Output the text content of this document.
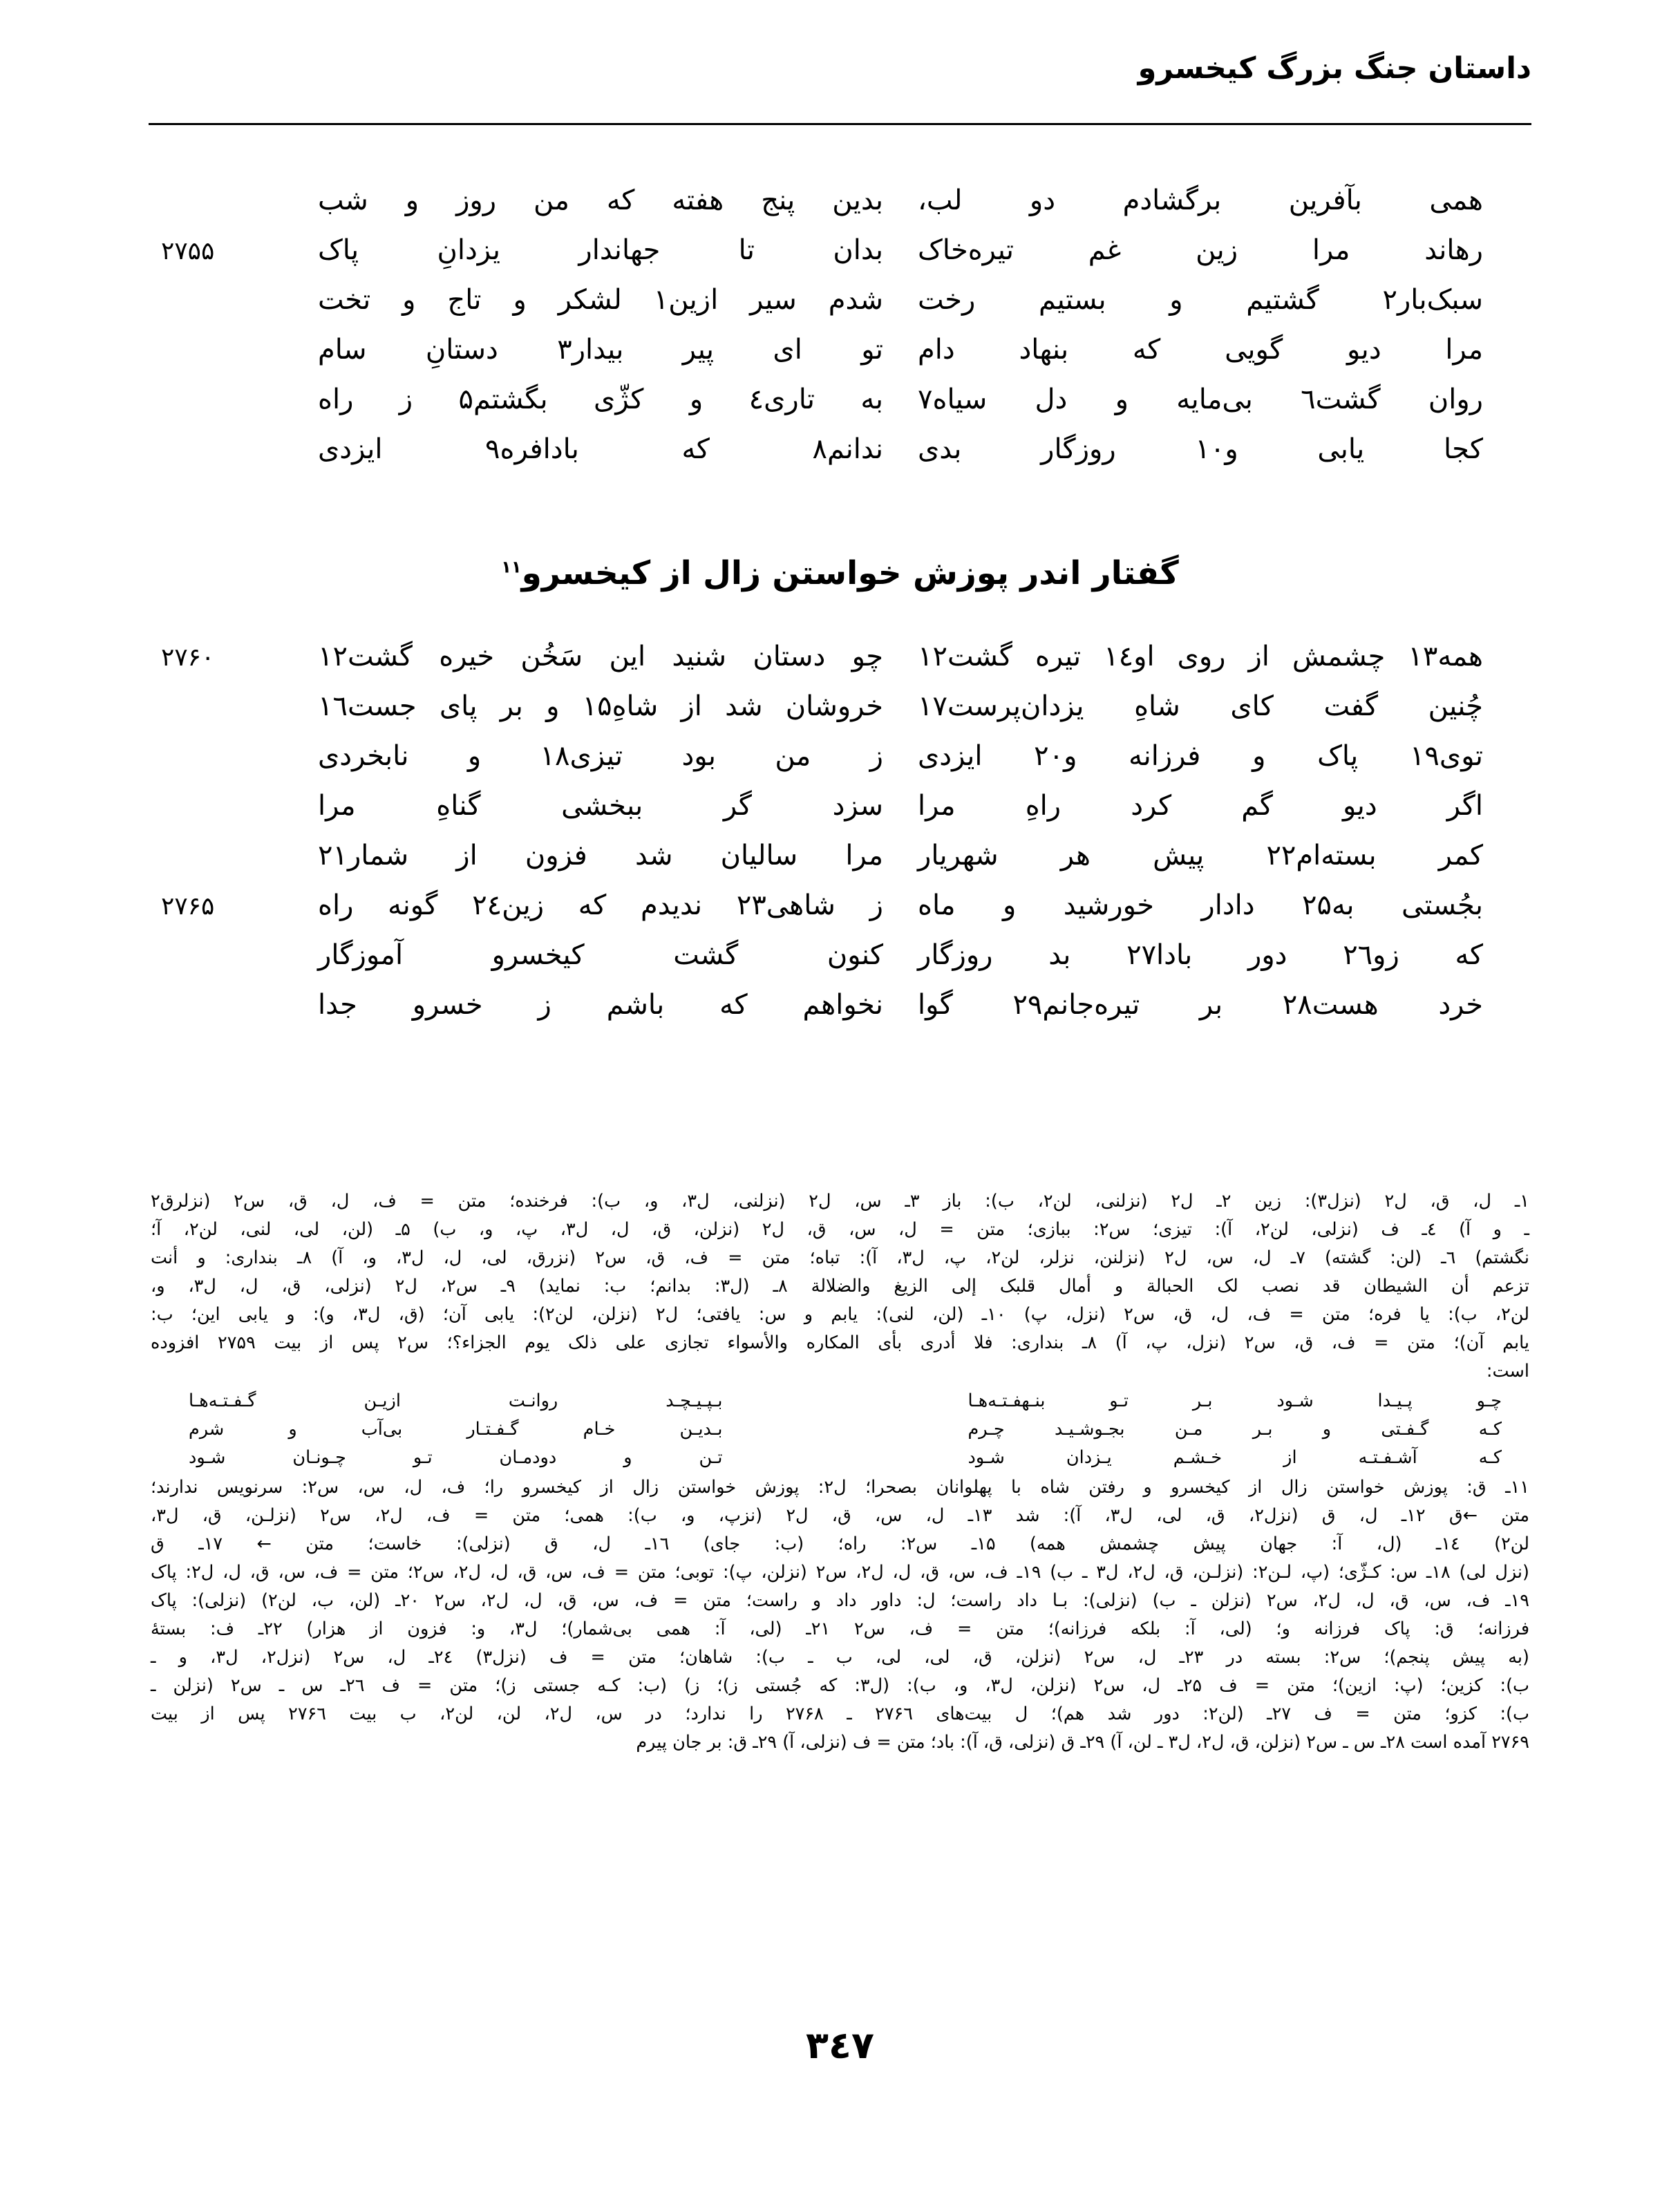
داستان جنگ بزرگ کیخسرو
همی بآفرین برگشادم دو لب،
بدین پنج هفته که من روز و شب
رهاند مرا زین غم تیره‌خاک
بدان تا جهاندار یزدانِ پاک
۲۷۵۵
سبک‌بار٢ گشتیم و بستیم رخت
شدم سیر ازین١ لشکر و تاج و تخت
مرا دیو گویی که بنهاد دام
تو ای پیر بیدار٣ دستانِ سام
روان گشت٦ بی‌مایه و دل سیاه۷
به تاری٤ و کژّی بگشتم۵ ز راه
کجا یابی و۱۰ روزگار بدی
ندانم۸ که بادافره۹ ایزدی
گفتار اندر پوزش خواستن زال از کیخسرو$^{۱۱}$
همه۱۳ چشمش از روی او۱٤ تیره گشت۱۲
چو دستان شنید این سَخُن خیره گشت۱۲
۲۷۶۰
چُنین گفت کای شاهِ یزدان‌پرست۱۷
خروشان شد از شاهِ۱۵ و بر پای جست۱٦
توی۱۹ پاک و فرزانه و۲۰ ایزدی
ز من بود تیزی۱۸ و نابخردی
اگر دیو گم کرد راهِ مرا
سزد گر ببخشی گناهِ مرا
کمر بسته‌ام۲۲ پیش هر شهریار
مرا سالیان شد فزون از شمار۲۱
بجُستی به۲۵ دادار خورشید و ماه
ز شاهی۲۳ ندیدم که زین۲٤ گونه راه
۲۷۶۵
که زو۲٦ دور بادا۲۷ بد روزگار
کنون گشت کیخسرو آموزگار
خرد هست۲۸ بر تیره‌جانم۲۹ گوا
نخواهم که باشم ز خسرو جدا
۱ـ ل، ق، ل٢ (نزل٣): زین ۲ـ ل٢ (نزلنی، لن٢، ب): باز ۳ـ س، ل٢ (نزلنی، ل٣، و، ب): فرخنده؛ متن = ف، ل، ق، س٢ (نزلرق٢
ـ و آ) ٤ـ ف (نزلی، لن٢، آ): تیزی؛ س٢: ببازی؛ متن = ل، س، ق، ل٢ (نزلن، ق، ل، ل٣، پ، و، ب) ۵ـ (لن، لی، لنی، لن٢، آ؛
نگشتم) ٦ـ (لن: گشته) ۷ـ ل، س، ل٢ (نزلنن، نزلر، لن٢، پ، ل٣، آ): تباه؛ متن = ف، ق، س٢ (نزرق، لی، ل، ل٣، و، آ) ۸ـ بنداری: و أنت
تزعم أن الشیطان قد نصب لک الحبالة و أمال قلبک إلی الزیغ والضلالة ۸ـ (ل٣: بدانم؛ ب: نماید) ۹ـ س٢، ل٢ (نزلی، ق، ل، ل٣، و،
لن٢، ب): یا فره؛ متن = ف، ل، ق، س٢ (نزل، پ) ۱۰ـ (لن، لنی): یابم و س: یافتی؛ ل٢ (نزلن، لن٢): یابی آن؛ (ق، ل٣، و): و یابی این؛ ب:
یابم آن)؛ متن = ف، ق، س٢ (نزل، پ، آ) ۸ـ بنداری: فلا أدری بأی المکاره والأسواء تجازی علی ذلک یوم الجزاء؟؛ س٢ پس از بیت ۲۷۵۹ افزوده
است:
چـو پـیـدا شـود بـر تـو بنـهفـتـه‌هـا
بـپـیـچـد روانـت ازیـن گـفـتـه‌هـا
کـه گـفـتی و بـر مـن بجـوشـیـد چـرم
بـدیـن خـام گـفـتـار بی‌آب و شرم
کـه آشـفـتـه از خـشـم یـزدان شـود
تـن و دودمـان تـو چـونـان شـود
۱۱ـ ق: پوزش خواستن زال از کیخسرو و رفتن شاه با پهلوانان بصحرا؛ ل٢: پوزش خواستن زال از کیخسرو را؛ ف، ل، س، س٢: سرنویس ندارند؛
متن ←ق ۱۲ـ ل، ق (نزل٢، ق، لی، ل٣، آ): شد ۱۳ـ ل، س، ق، ل٢ (نزپ، و، ب): همی؛ متن = ف، ل٢، س٢ (نزلـن، ق، ل٣،
لن٢) ۱٤ـ (ل، آ: جهان پیش چشمش همه) ۱۵ـ س٢: راه؛ (ب: جای) ۱٦ـ ل، ق (نزلی): خاست؛ متن ← ۱۷ـ ق
(نزل لی) ۱۸ـ س: کـژّی؛ (پ، لـن٢: (نزلـن، ق، ل٢، ل٣ ـ ب) ۱۹ـ ف، س، ق، ل، ل٢، س٢ (نزلن، پ): توبی؛ متن = ف، س، ق، ل، ل٢، س٢؛ متن = ف، س، ق، ل، ل٢: پاک
۱۹ـ ف، س، ق، ل، ل٢، س٢ (نزلن ـ ب) (نزلی): بـا داد راست؛ ل: داور داد و راست؛ متن = ف، س، ق، ل، ل٢، س٢ ۲۰ـ (لن، ب، لن٢) (نزلی): پاک
فرزانه؛ ق: پاک فرزانه و؛ (لی، آ: بلکه فرزانه)؛ متن = ف، س٢ ۲۱ـ (لی، آ: همی بی‌شمار)؛ ل٣، و: فزون از هزار) ۲۲ـ ف: بسته‌ٔ
(به پیش پنجم)؛ س٢: بسته در ۲۳ـ ل، س٢ (نزلن، ق، لی، لی، ب ـ ب): شاهان؛ متن = ف (نزل٣) ۲٤ـ ل، س٢ (نزل٢، ل٣، و ـ
ب): کزین؛ (پ: ازین)؛ متن = ف ۲۵ـ ل، س٢ (نزلن، ل٣، و، ب): (ل٣: که جُستی ز)؛ ز) (ب: کـه جستی ز)؛ متن = ف ۲٦ـ س ـ س٢ (نزلن ـ
ب): کزو؛ متن = ف ۲۷ـ (لن٢: دور شد هم)؛ ل بیت‌های ۲۷۶٦ ـ ۲۷۶۸ را ندارد؛ در س، ل٢، لن، لن٢، ب بیت ۲۷۶٦ پس از بیت
۲۷۶۹ آمده است ۲۸ـ س ـ س٢ (نزلن، ق، ل٢، ل٣ ـ لن، آ) ۲۹ـ ق (نزلی، ق، آ): باد؛ متن = ف (نزلی، آ) ۲۹ـ ق: بر جان پیرم
۳٤۷
